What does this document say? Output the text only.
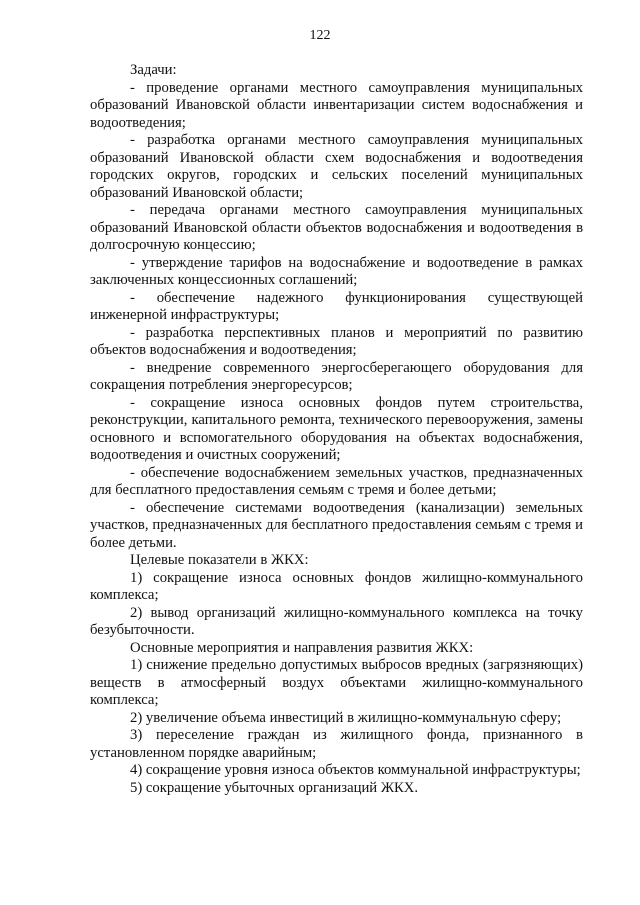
122

Задачи:

- проведение органами местного самоуправления муниципальных образований Ивановской области инвентаризации систем водоснабжения и водоотведения;

- разработка органами местного самоуправления муниципальных образований Ивановской области схем водоснабжения и водоотведения городских округов, городских и сельских поселений муниципальных образований Ивановской области;

- передача органами местного самоуправления муниципальных образований Ивановской области объектов водоснабжения и водоотведения в долгосрочную концессию;

- утверждение тарифов на водоснабжение и водоотведение в рамках заключенных концессионных соглашений;

- обеспечение надежного функционирования существующей инженерной инфраструктуры;

- разработка перспективных планов и мероприятий по развитию объектов водоснабжения и водоотведения;

- внедрение современного энергосберегающего оборудования для сокращения потребления энергоресурсов;

- сокращение износа основных фондов путем строительства, реконструкции, капитального ремонта, технического перевооружения, замены основного и вспомогательного оборудования на объектах водоснабжения, водоотведения и очистных сооружений;

- обеспечение водоснабжением земельных участков, предназначенных для бесплатного предоставления семьям с тремя и более детьми;

- обеспечение системами водоотведения (канализации) земельных участков, предназначенных для бесплатного предоставления семьям с тремя и более детьми.

Целевые показатели в ЖКХ:

1) сокращение износа основных фондов жилищно-коммунального комплекса;

2) вывод организаций жилищно-коммунального комплекса на точку безубыточности.

Основные мероприятия и направления развития ЖКХ:

1) снижение предельно допустимых выбросов вредных (загрязняющих) веществ в атмосферный воздух объектами жилищно-коммунального комплекса;

2) увеличение объема инвестиций в жилищно-коммунальную сферу;

3) переселение граждан из жилищного фонда, признанного в установленном порядке аварийным;

4) сокращение уровня износа объектов коммунальной инфраструктуры;

5) сокращение убыточных организаций ЖКХ.
